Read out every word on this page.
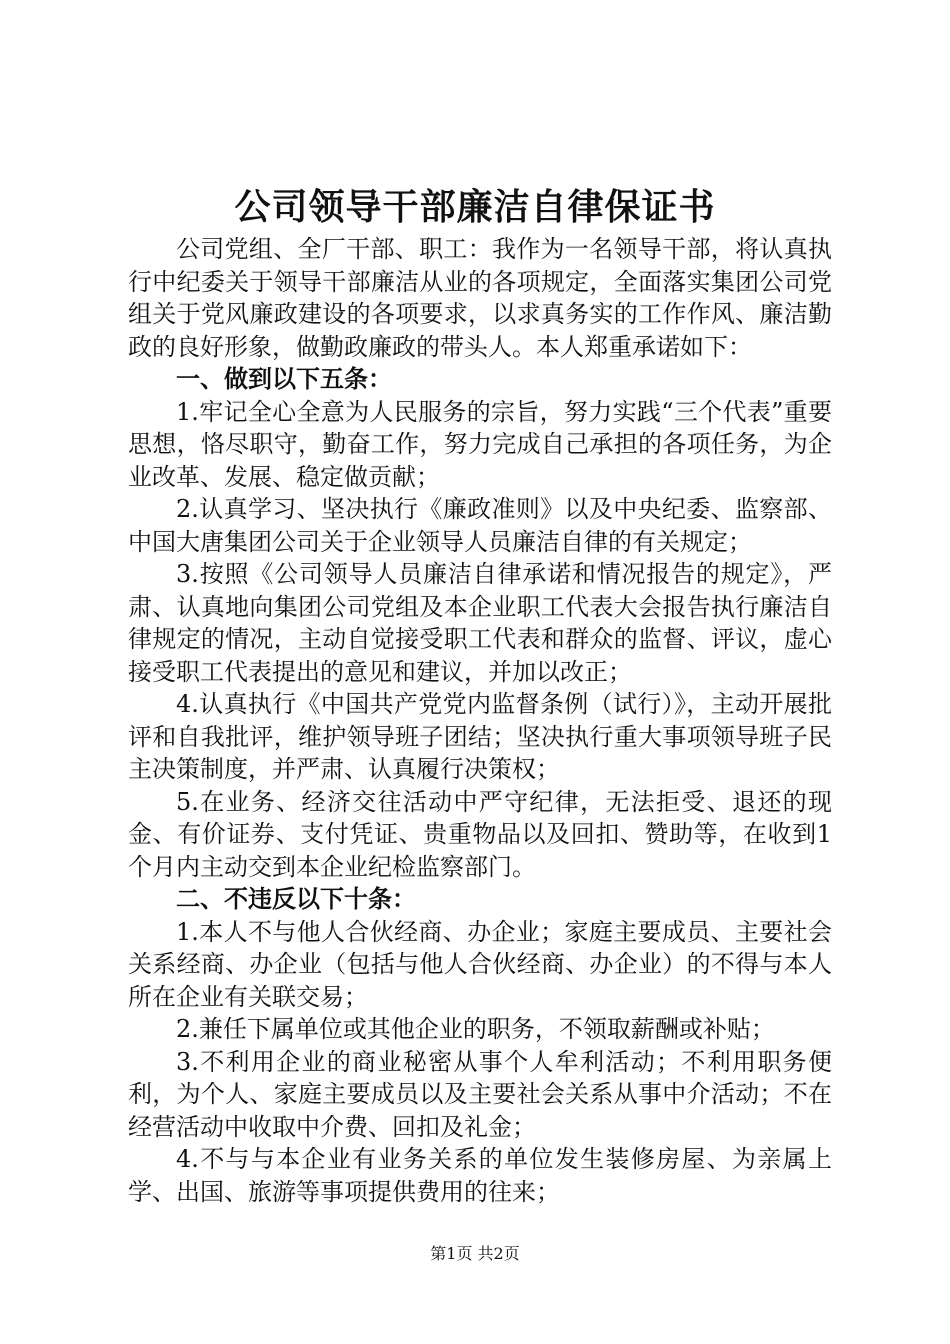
公司领导干部廉洁自律保证书

公司党组、全厂干部、职工：我作为一名领导干部，将认真执行中纪委关于领导干部廉洁从业的各项规定，全面落实集团公司党组关于党风廉政建设的各项要求，以求真务实的工作作风、廉洁勤政的良好形象，做勤政廉政的带头人。本人郑重承诺如下：

一、做到以下五条：

1.牢记全心全意为人民服务的宗旨，努力实践“三个代表”重要思想，恪尽职守，勤奋工作，努力完成自己承担的各项任务，为企业改革、发展、稳定做贡献；

2.认真学习、坚决执行《廉政准则》以及中央纪委、监察部、中国大唐集团公司关于企业领导人员廉洁自律的有关规定；

3.按照《公司领导人员廉洁自律承诺和情况报告的规定》，严肃、认真地向集团公司党组及本企业职工代表大会报告执行廉洁自律规定的情况，主动自觉接受职工代表和群众的监督、评议，虚心接受职工代表提出的意见和建议，并加以改正；

4.认真执行《中国共产党党内监督条例（试行）》，主动开展批评和自我批评，维护领导班子团结；坚决执行重大事项领导班子民主决策制度，并严肃、认真履行决策权；

5.在业务、经济交往活动中严守纪律，无法拒受、退还的现金、有价证券、支付凭证、贵重物品以及回扣、赞助等，在收到1个月内主动交到本企业纪检监察部门。

二、不违反以下十条：

1.本人不与他人合伙经商、办企业；家庭主要成员、主要社会关系经商、办企业（包括与他人合伙经商、办企业）的不得与本人所在企业有关联交易；

2.兼任下属单位或其他企业的职务，不领取薪酬或补贴；

3.不利用企业的商业秘密从事个人牟利活动；不利用职务便利，为个人、家庭主要成员以及主要社会关系从事中介活动；不在经营活动中收取中介费、回扣及礼金；

4.不与与本企业有业务关系的单位发生装修房屋、为亲属上学、出国、旅游等事项提供费用的往来；

第1页 共2页
